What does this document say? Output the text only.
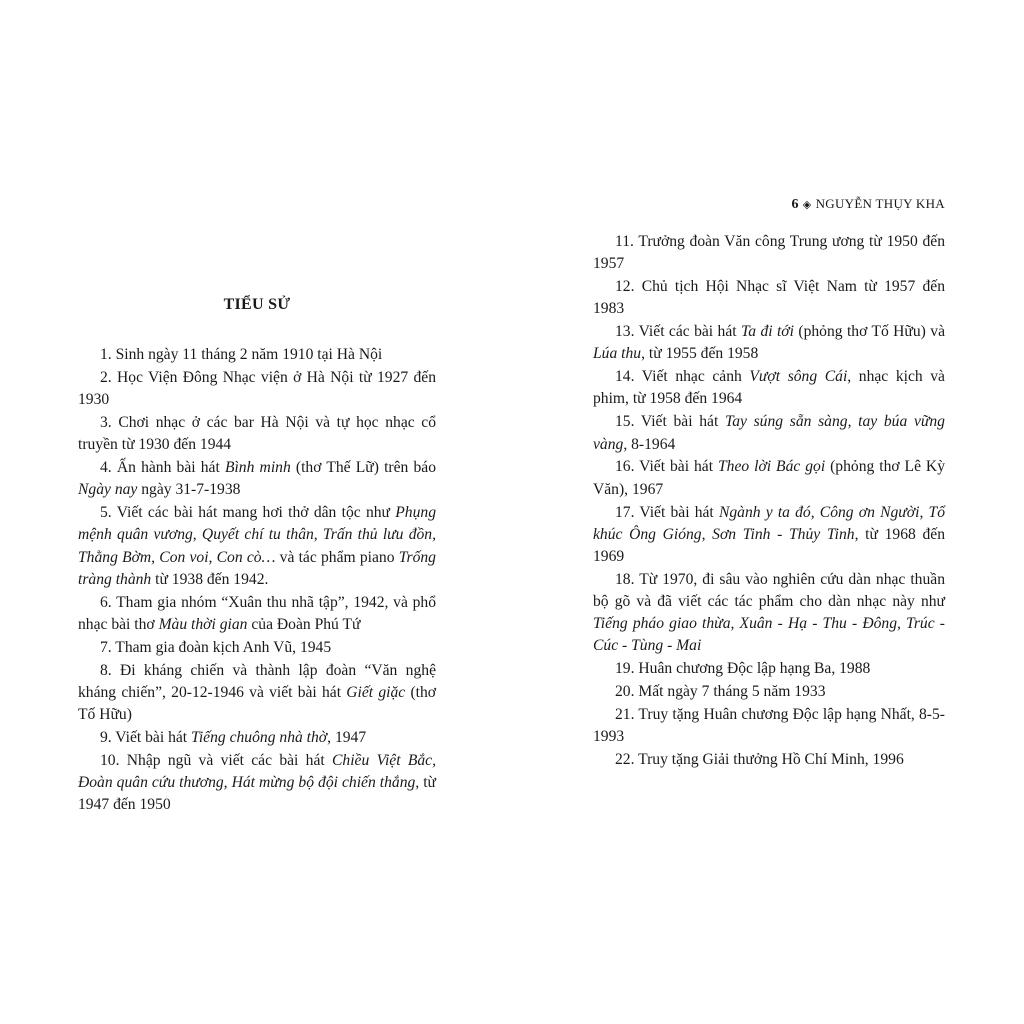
TIỂU SỬ

1. Sinh ngày 11 tháng 2 năm 1910 tại Hà Nội

2. Học Viện Đông Nhạc viện ở Hà Nội từ 1927 đến 1930

3. Chơi nhạc ở các bar Hà Nội và tự học nhạc cổ truyền từ 1930 đến 1944

4. Ấn hành bài hát Bình minh (thơ Thế Lữ) trên báo Ngày nay ngày 31-7-1938

5. Viết các bài hát mang hơi thở dân tộc như Phụng mệnh quân vương, Quyết chí tu thân, Trấn thủ lưu đồn, Thằng Bờm, Con voi, Con cò… và tác phẩm piano Trống tràng thành từ 1938 đến 1942.

6. Tham gia nhóm “Xuân thu nhã tập”, 1942, và phổ nhạc bài thơ Màu thời gian của Đoàn Phú Tứ

7. Tham gia đoàn kịch Anh Vũ, 1945

8. Đi kháng chiến và thành lập đoàn “Văn nghệ kháng chiến”, 20-12-1946 và viết bài hát Giết giặc (thơ Tố Hữu)

9. Viết bài hát Tiếng chuông nhà thờ, 1947

10. Nhập ngũ và viết các bài hát Chiều Việt Bắc, Đoàn quân cứu thương, Hát mừng bộ đội chiến thắng, từ 1947 đến 1950

6 ◈ NGUYỄN THỤY KHA

11. Trưởng đoàn Văn công Trung ương từ 1950 đến 1957

12. Chủ tịch Hội Nhạc sĩ Việt Nam từ 1957 đến 1983

13. Viết các bài hát Ta đi tới (phỏng thơ Tố Hữu) và Lúa thu, từ 1955 đến 1958

14. Viết nhạc cảnh Vượt sông Cái, nhạc kịch và phim, từ 1958 đến 1964

15. Viết bài hát Tay súng sẵn sàng, tay búa vững vàng, 8-1964

16. Viết bài hát Theo lời Bác gọi (phỏng thơ Lê Kỳ Văn), 1967

17. Viết bài hát Ngành y ta đó, Công ơn Người, Tổ khúc Ông Gióng, Sơn Tinh - Thủy Tinh, từ 1968 đến 1969

18. Từ 1970, đi sâu vào nghiên cứu dàn nhạc thuần bộ gõ và đã viết các tác phẩm cho dàn nhạc này như Tiếng pháo giao thừa, Xuân - Hạ - Thu - Đông, Trúc - Cúc - Tùng - Mai

19. Huân chương Độc lập hạng Ba, 1988

20. Mất ngày 7 tháng 5 năm 1933

21. Truy tặng Huân chương Độc lập hạng Nhất, 8-5-1993

22. Truy tặng Giải thưởng Hồ Chí Minh, 1996
